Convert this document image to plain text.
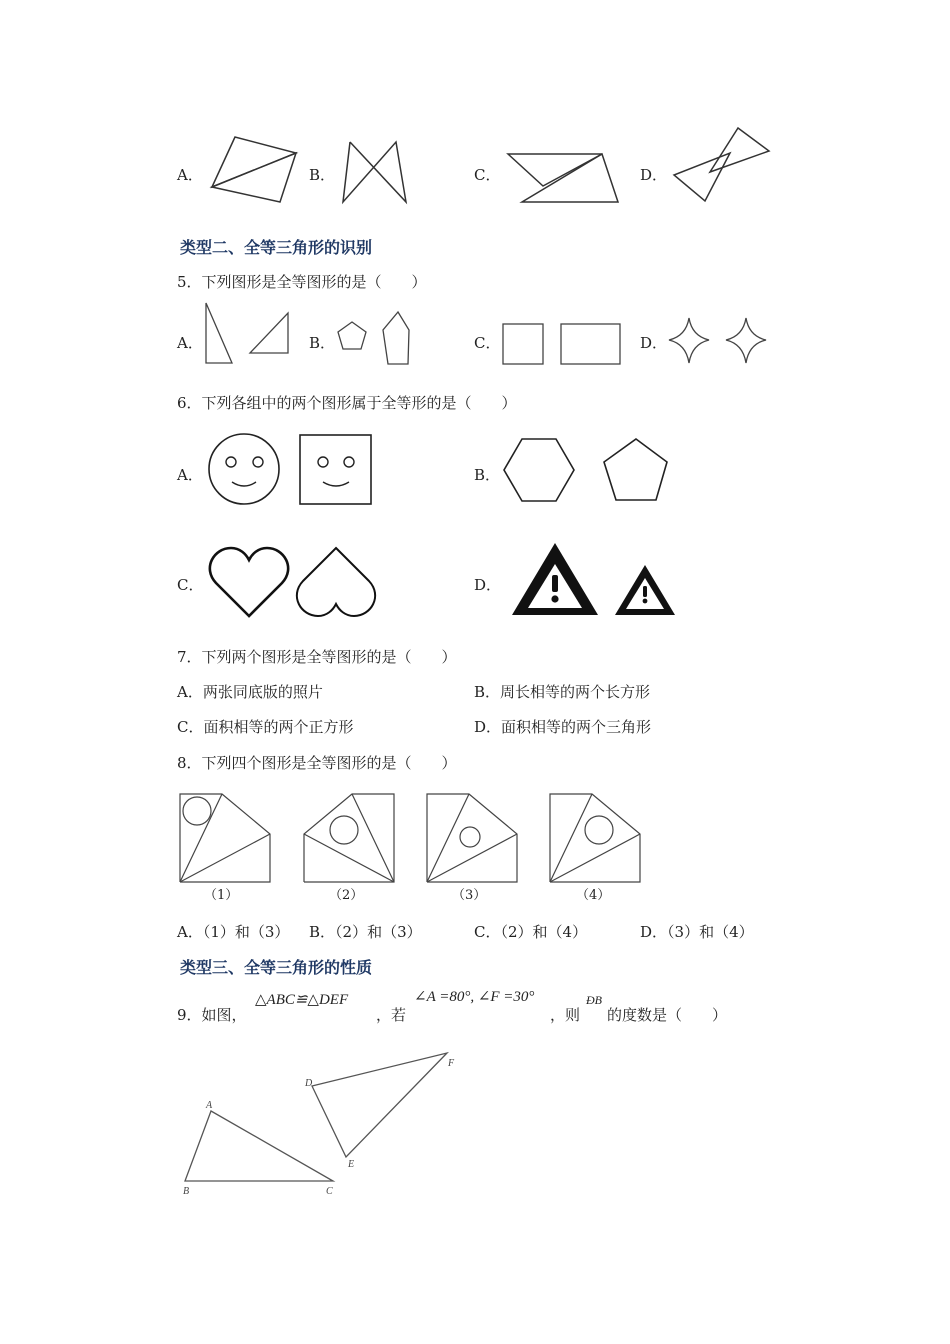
A．	B．	C．	D．
类型二、全等三角形的识别
5．下列图形是全等图形的是（　　）
A．	B．	C．	D．
6．下列各组中的两个图形属于全等形的是（　　）
A．	B．
C．	D．
7．下列两个图形是全等图形的是（　　）
A．两张同底版的照片	B．周长相等的两个长方形
C．面积相等的两个正方形	D．面积相等的两个三角形
8．下列四个图形是全等图形的是（　　）
（1）	（2）	（3）	（4）
A．（1）和（3） B．（2）和（3）	C．（2）和（4）	D．（3）和（4）
类型三、全等三角形的性质
9．如图，
△ABC≌△DEF
，若
∠A =80°, ∠F =30°
，则
ÐB
的度数是（　　）
A
B	C
D
E
F
